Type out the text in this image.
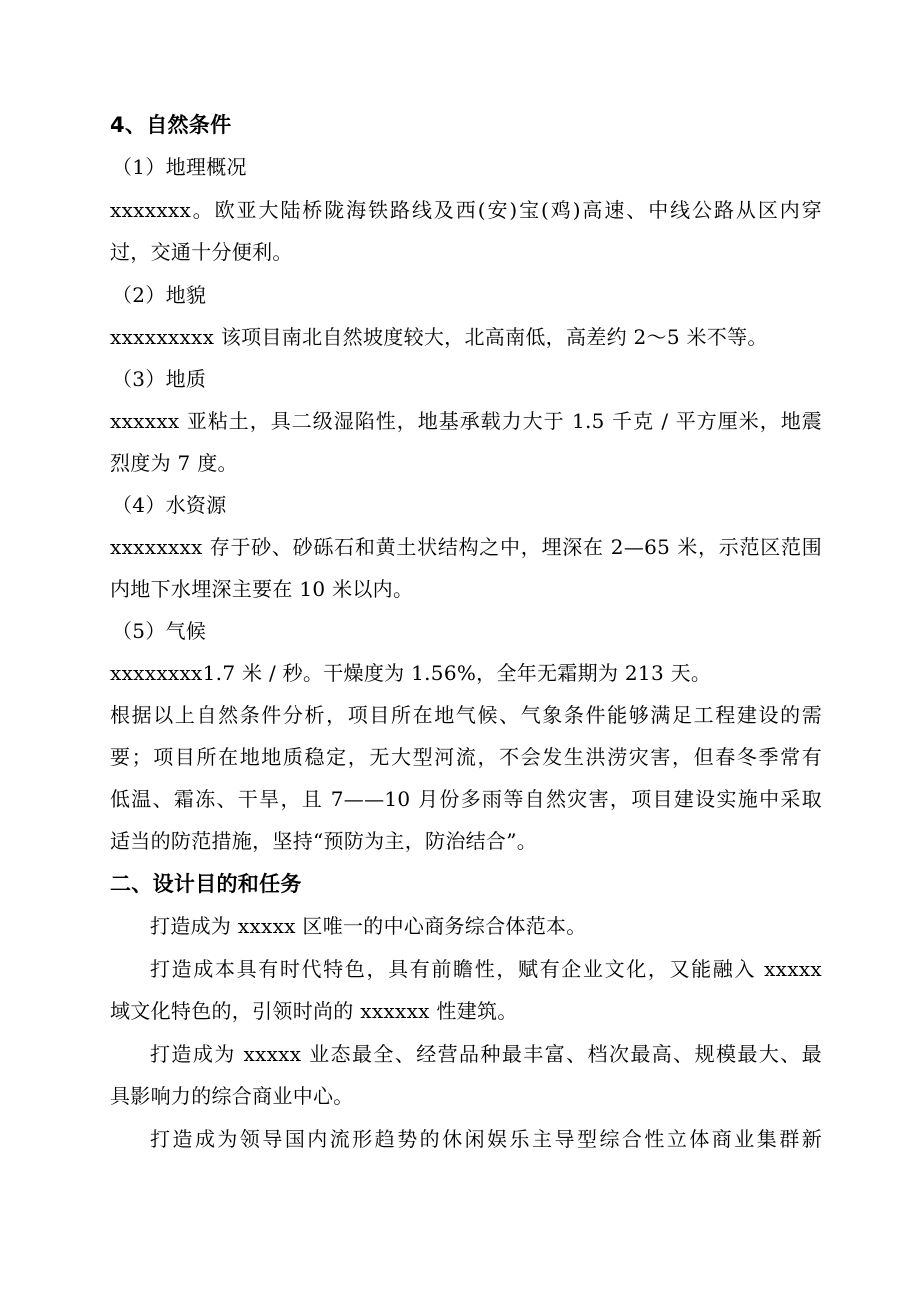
4、自然条件
（1）地理概况
xxxxxxx。欧亚大陆桥陇海铁路线及西(安)宝(鸡)高速、中线公路从区内穿
过，交通十分便利。
（2）地貌
xxxxxxxxx 该项目南北自然坡度较大，北高南低，高差约 2～5 米不等。
（3）地质
xxxxxx 亚粘土，具二级湿陷性，地基承载力大于 1.5 千克 / 平方厘米，地震
烈度为 7 度。
（4）水资源
xxxxxxxx 存于砂、砂砾石和黄土状结构之中，埋深在 2—65 米，示范区范围
内地下水埋深主要在 10 米以内。
（5）气候
xxxxxxxx1.7 米 / 秒。干燥度为 1.56%，全年无霜期为 213 天。
根据以上自然条件分析，项目所在地气候、气象条件能够满足工程建设的需
要；项目所在地地质稳定，无大型河流，不会发生洪涝灾害，但春冬季常有
低温、霜冻、干旱，且 7——10 月份多雨等自然灾害，项目建设实施中采取
适当的防范措施，坚持“预防为主，防治结合”。
二、设计目的和任务
打造成为 xxxxx 区唯一的中心商务综合体范本。
打造成本具有时代特色，具有前瞻性，赋有企业文化，又能融入 xxxxx
域文化特色的，引领时尚的 xxxxxx 性建筑。
打造成为 xxxxx 业态最全、经营品种最丰富、档次最高、规模最大、最
具影响力的综合商业中心。
打造成为领导国内流形趋势的休闲娱乐主导型综合性立体商业集群新
